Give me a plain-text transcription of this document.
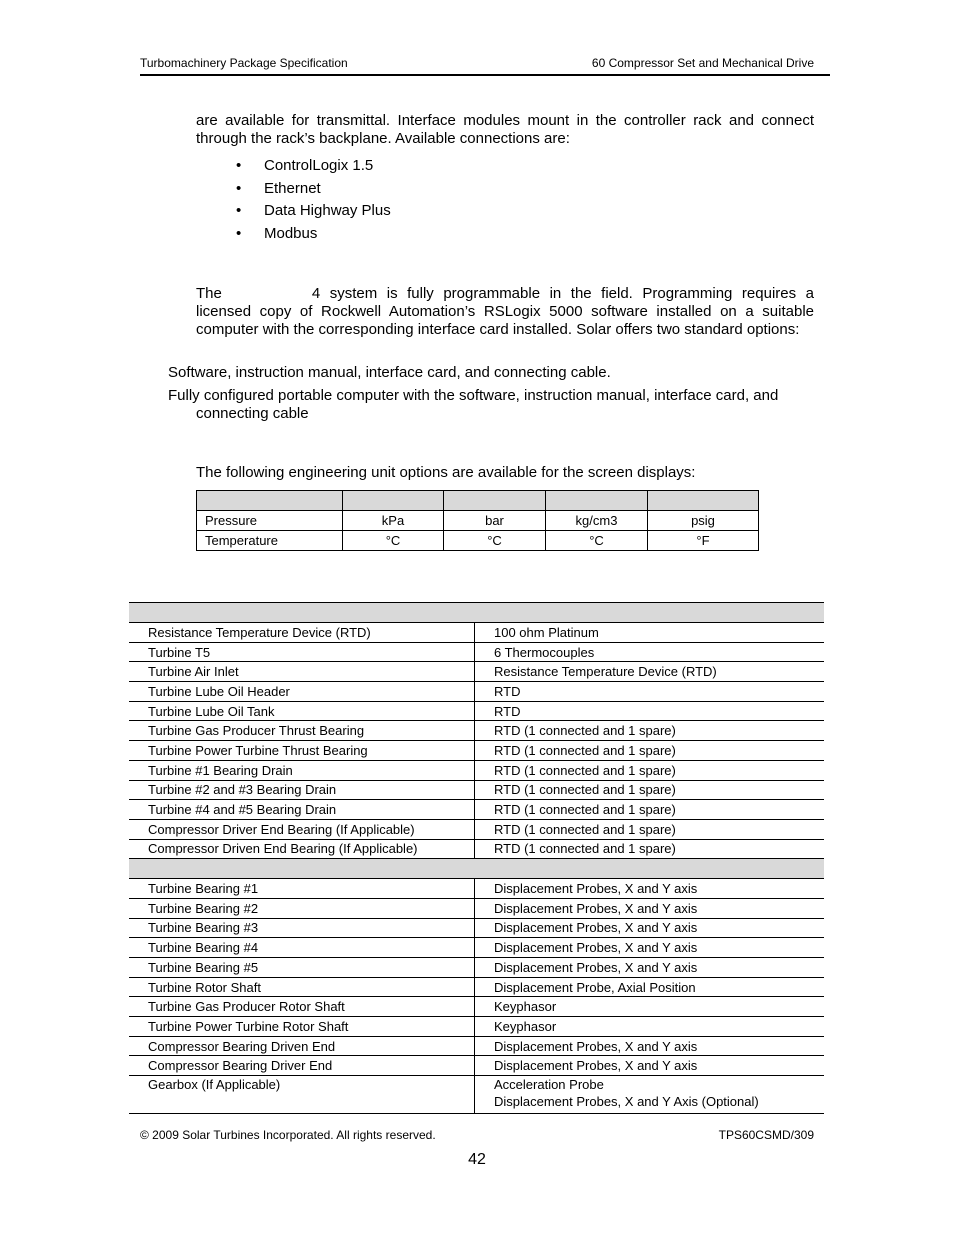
Turbomachinery Package Specification	60 Compressor Set and Mechanical Drive
are available for transmittal. Interface modules mount in the controller rack and connect through the rack’s backplane. Available connections are:
• ControlLogix 1.5
• Ethernet
• Data Highway Plus
• Modbus
The	4 system is fully programmable in the field. Programming requires a licensed copy of Rockwell Automation’s RSLogix 5000 software installed on a suitable computer with the corresponding interface card installed. Solar offers two standard options:
Software, instruction manual, interface card, and connecting cable.
Fully configured portable computer with the software, instruction manual, interface card, and
connecting cable
The following engineering unit options are available for the screen displays:

Pressure	kPa	bar	kg/cm3	psig
Temperature	°C	°C	°C	°F

Resistance Temperature Device (RTD)	100 ohm Platinum
Turbine T5	6 Thermocouples
Turbine Air Inlet	Resistance Temperature Device (RTD)
Turbine Lube Oil Header	RTD
Turbine Lube Oil Tank	RTD
Turbine Gas Producer Thrust Bearing	RTD (1 connected and 1 spare)
Turbine Power Turbine Thrust Bearing	RTD (1 connected and 1 spare)
Turbine #1 Bearing Drain	RTD (1 connected and 1 spare)
Turbine #2 and #3 Bearing Drain	RTD (1 connected and 1 spare)
Turbine #4 and #5 Bearing Drain	RTD (1 connected and 1 spare)
Compressor Driver End Bearing (If Applicable)	RTD (1 connected and 1 spare)
Compressor Driven End Bearing (If Applicable)	RTD (1 connected and 1 spare)

Turbine Bearing #1	Displacement Probes, X and Y axis
Turbine Bearing #2	Displacement Probes, X and Y axis
Turbine Bearing #3	Displacement Probes, X and Y axis
Turbine Bearing #4	Displacement Probes, X and Y axis
Turbine Bearing #5	Displacement Probes, X and Y axis
Turbine Rotor Shaft	Displacement Probe, Axial Position
Turbine Gas Producer Rotor Shaft	Keyphasor
Turbine Power Turbine Rotor Shaft	Keyphasor
Compressor Bearing Driven End	Displacement Probes, X and Y axis
Compressor Bearing Driver End	Displacement Probes, X and Y axis
Gearbox (If Applicable)	Acceleration Probe
Displacement Probes, X and Y Axis (Optional)
© 2009 Solar Turbines Incorporated. All rights reserved.	TPS60CSMD/309
42
